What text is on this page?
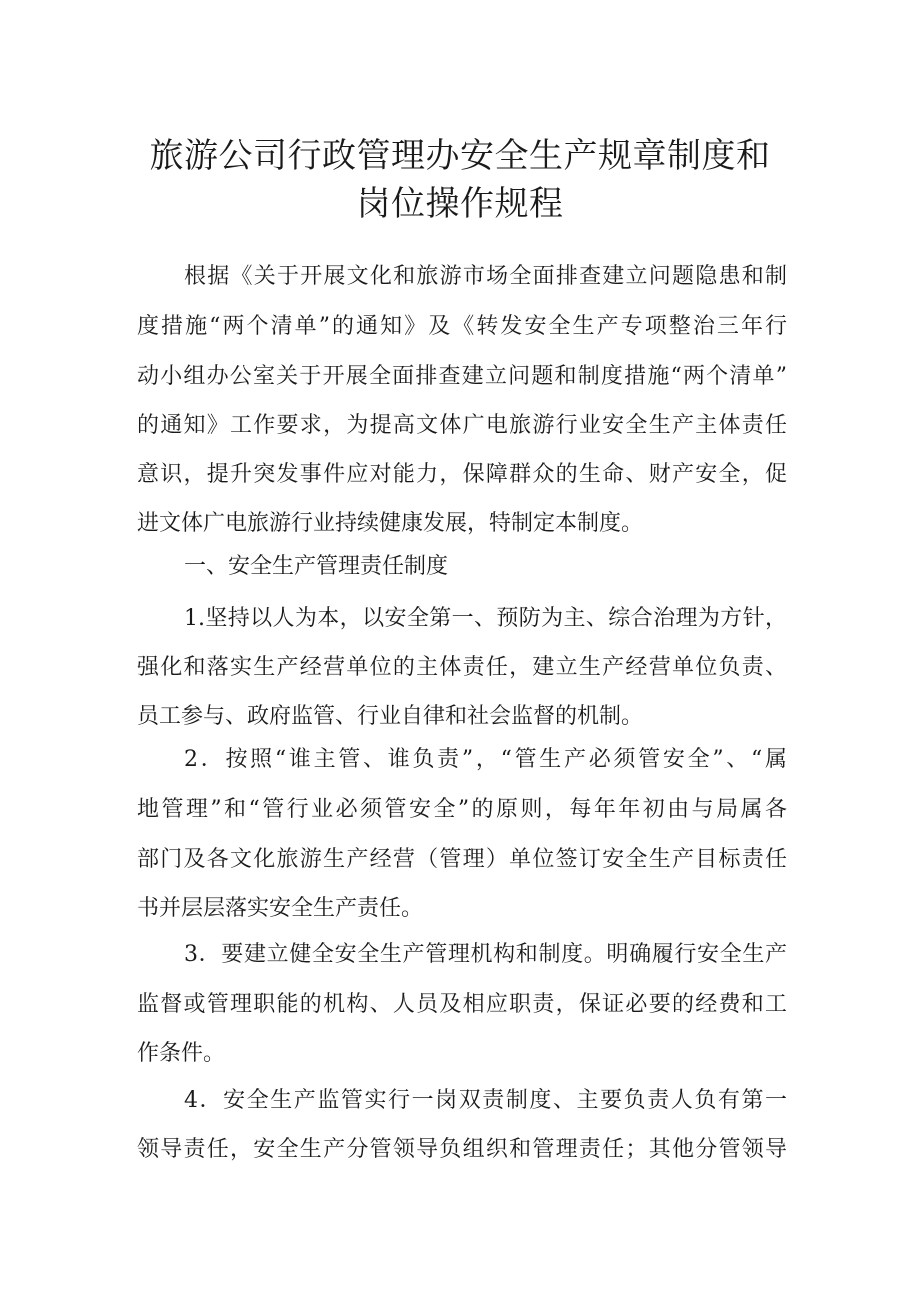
旅游公司行政管理办安全生产规章制度和
岗位操作规程
根据《关于开展文化和旅游市场全面排查建立问题隐患和制
度措施“两个清单”的通知》及《转发安全生产专项整治三年行
动小组办公室关于开展全面排查建立问题和制度措施“两个清单”
的通知》工作要求，为提高文体广电旅游行业安全生产主体责任
意识，提升突发事件应对能力，保障群众的生命、财产安全，促
进文体广电旅游行业持续健康发展，特制定本制度。
一、安全生产管理责任制度
1.坚持以人为本，以安全第一、预防为主、综合治理为方针，
强化和落实生产经营单位的主体责任，建立生产经营单位负责、
员工参与、政府监管、行业自律和社会监督的机制。
2．按照“谁主管、谁负责”，“管生产必须管安全”、“属
地管理”和“管行业必须管安全”的原则，每年年初由与局属各
部门及各文化旅游生产经营（管理）单位签订安全生产目标责任
书并层层落实安全生产责任。
3．要建立健全安全生产管理机构和制度。明确履行安全生产
监督或管理职能的机构、人员及相应职责，保证必要的经费和工
作条件。
4．安全生产监管实行一岗双责制度、主要负责人负有第一
领导责任，安全生产分管领导负组织和管理责任；其他分管领导
